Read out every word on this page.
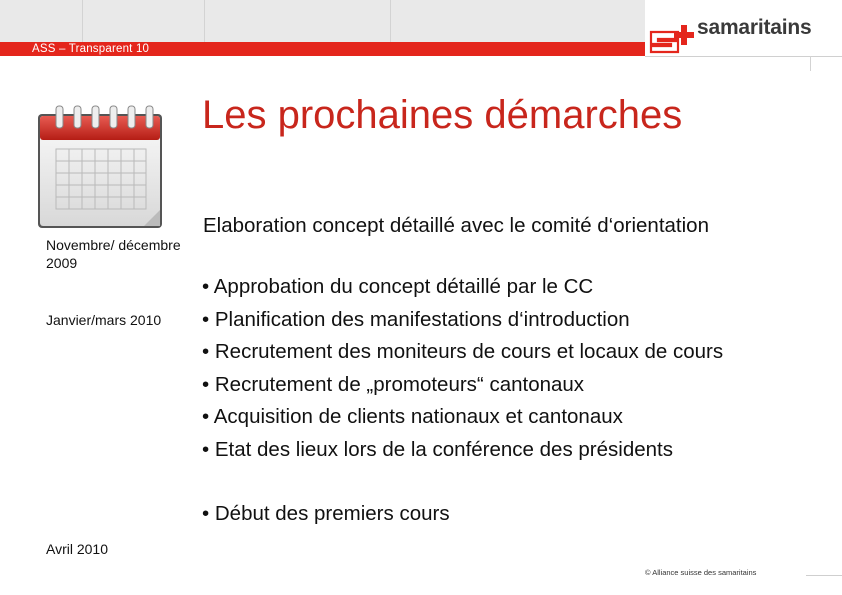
ASS – Transparent 10
samaritains
Les prochaines démarches
Novembre/ décembre 2009
Janvier/mars 2010
Avril 2010
Elaboration concept détaillé avec le comité d‘orientation
• Approbation du concept détaillé par le CC
• Planification des manifestations d‘introduction
• Recrutement des moniteurs de cours et locaux de cours
• Recrutement de „promoteurs“ cantonaux
• Acquisition de clients nationaux et cantonaux
• Etat des lieux lors de la conférence des présidents
• Début des premiers cours
© Alliance suisse des samaritains
